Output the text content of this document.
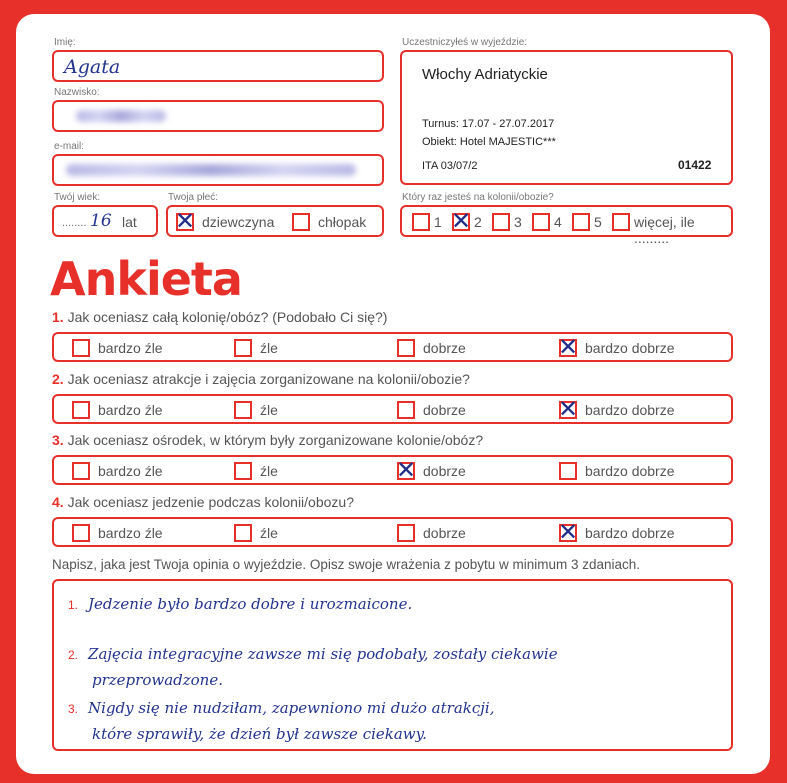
Imię:
Agata
Nazwisko:
e-mail:
Twój wiek:
........ 16 lat
Twoja płeć:
✕ dziewczyna	chłopak
Uczestniczyłeś w wyjeździe:
Włochy Adriatyckie
Turnus: 17.07 - 27.07.2017
Obiekt: Hotel MAJESTIC***
ITA 03/07/2	01422
Który raz jesteś na kolonii/obozie?
1 ✕ 2 3 4 5 więcej, ile .........
Ankieta
1. Jak oceniasz całą kolonię/obóz? (Podobało Ci się?)
bardzo źle	źle	dobrze	✕ bardzo dobrze
2. Jak oceniasz atrakcje i zajęcia zorganizowane na kolonii/obozie?
bardzo źle	źle	dobrze	✕ bardzo dobrze
3. Jak oceniasz ośrodek, w którym były zorganizowane kolonie/obóz?
bardzo źle	źle	✕ dobrze	bardzo dobrze
4. Jak oceniasz jedzenie podczas kolonii/obozu?
bardzo źle	źle	dobrze	✕ bardzo dobrze
Napisz, jaka jest Twoja opinia o wyjeździe. Opisz swoje wrażenia z pobytu w minimum 3 zdaniach.
1. Jedzenie było bardzo dobre i urozmaicone.
2. Zajęcia integracyjne zawsze mi się podobały, zostały ciekawie
przeprowadzone.
3. Nigdy się nie nudziłam, zapewniono mi dużo atrakcji,
które sprawiły, że dzień był zawsze ciekawy.
